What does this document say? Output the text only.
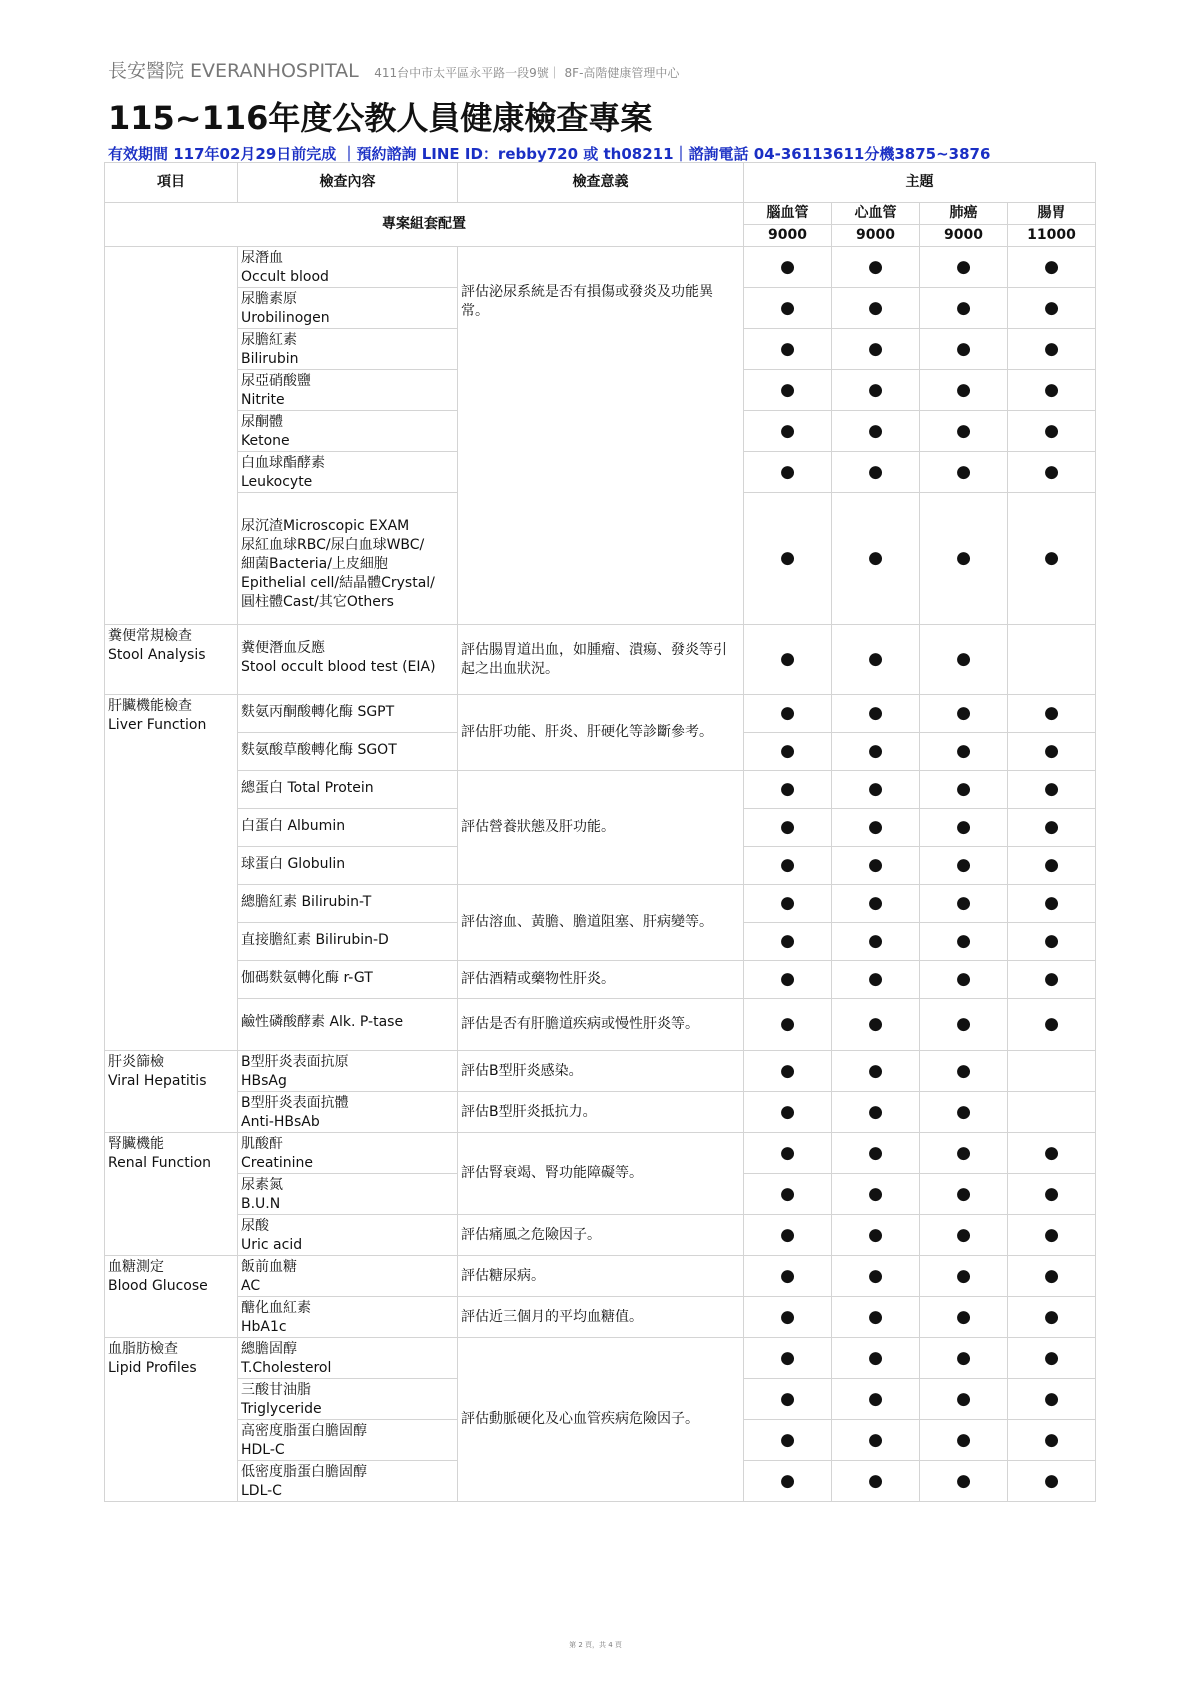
長安醫院 EVERANHOSPITAL 411台中市太平區永平路一段9號｜ 8F-高階健康管理中心
115~116年度公教人員健康檢查專案
有效期間 117年02月29日前完成 ｜預約諮詢 LINE ID：rebby720 或 th08211｜諮詢電話 04-36113611分機3875~3876
項目	檢查內容	檢查意義	主題			
專案組套配置			腦血管	心血管	肺癌	腸胃
			9000	9000	9000	11000
	尿潛血
Occult blood	評估泌尿系統是否有損傷或發炎及功能異常。	●	●	●	●
	尿膽素原
Urobilinogen		●	●	●	●
	尿膽紅素
Bilirubin		●	●	●	●
	尿亞硝酸鹽
Nitrite		●	●	●	●
	尿酮體
Ketone		●	●	●	●
	白血球酯酵素
Leukocyte		●	●	●	●
	尿沉渣Microscopic EXAM
尿紅血球RBC/尿白血球WBC/
細菌Bacteria/上皮細胞
Epithelial cell/結晶體Crystal/
圓柱體Cast/其它Others		●	●	●	●
糞便常規檢查
Stool Analysis	糞便潛血反應
Stool occult blood test (EIA)	評估腸胃道出血，如腫瘤、潰瘍、發炎等引起之出血狀況。	●	●	●	
肝臟機能檢查
Liver Function	麩氨丙酮酸轉化酶 SGPT	評估肝功能、肝炎、肝硬化等診斷參考。	●	●	●	●
	麩氨酸草酸轉化酶 SGOT		●	●	●	●
	總蛋白 Total Protein	評估營養狀態及肝功能。	●	●	●	●
	白蛋白 Albumin		●	●	●	●
	球蛋白 Globulin		●	●	●	●
	總膽紅素 Bilirubin-T	評估溶血、黃膽、膽道阻塞、肝病變等。	●	●	●	●
	直接膽紅素 Bilirubin-D		●	●	●	●
	伽碼麩氨轉化酶 r-GT	評估酒精或藥物性肝炎。	●	●	●	●
	鹼性磷酸酵素 Alk. P-tase	評估是否有肝膽道疾病或慢性肝炎等。	●	●	●	●
肝炎篩檢
Viral Hepatitis	B型肝炎表面抗原
HBsAg	評估B型肝炎感染。	●	●	●	
	B型肝炎表面抗體
Anti-HBsAb	評估B型肝炎抵抗力。	●	●	●	
腎臟機能
Renal Function	肌酸酐
Creatinine	評估腎衰竭、腎功能障礙等。	●	●	●	●
	尿素氮
B.U.N		●	●	●	●
	尿酸
Uric acid	評估痛風之危險因子。	●	●	●	●
血糖測定
Blood Glucose	飯前血糖
AC	評估糖尿病。	●	●	●	●
	醣化血紅素
HbA1c	評估近三個月的平均血糖值。	●	●	●	●
血脂肪檢查
Lipid Profiles	總膽固醇
T.Cholesterol	評估動脈硬化及心血管疾病危險因子。	●	●	●	●
	三酸甘油脂
Triglyceride		●	●	●	●
	高密度脂蛋白膽固醇
HDL-C		●	●	●	●
	低密度脂蛋白膽固醇
LDL-C		●	●	●	●
第 2 頁，共 4 頁
